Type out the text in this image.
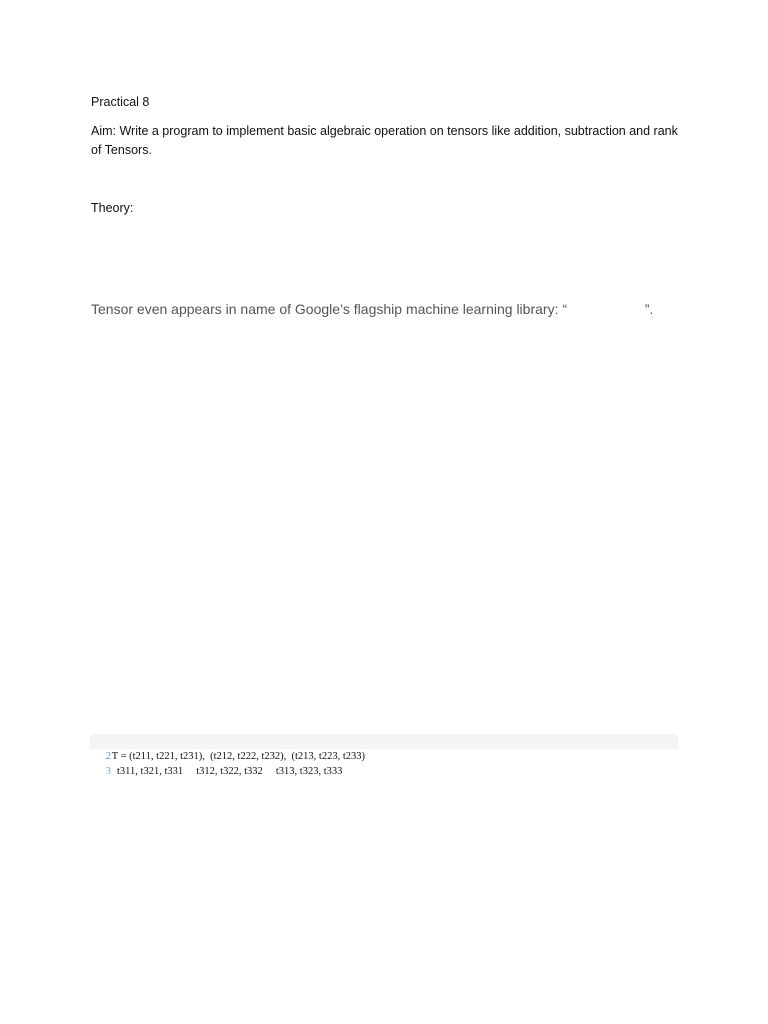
Practical 8
Aim: Write a program to implement basic algebraic operation on tensors like addition, subtraction and rank of Tensors.
Theory:
Tensor even appears in name of Google’s flagship machine learning library: “                    ”.

2T = (t211, t221, t231),  (t212, t222, t232),  (t213, t223, t233)

3  t311, t321, t331     t312, t322, t332     t313, t323, t333
